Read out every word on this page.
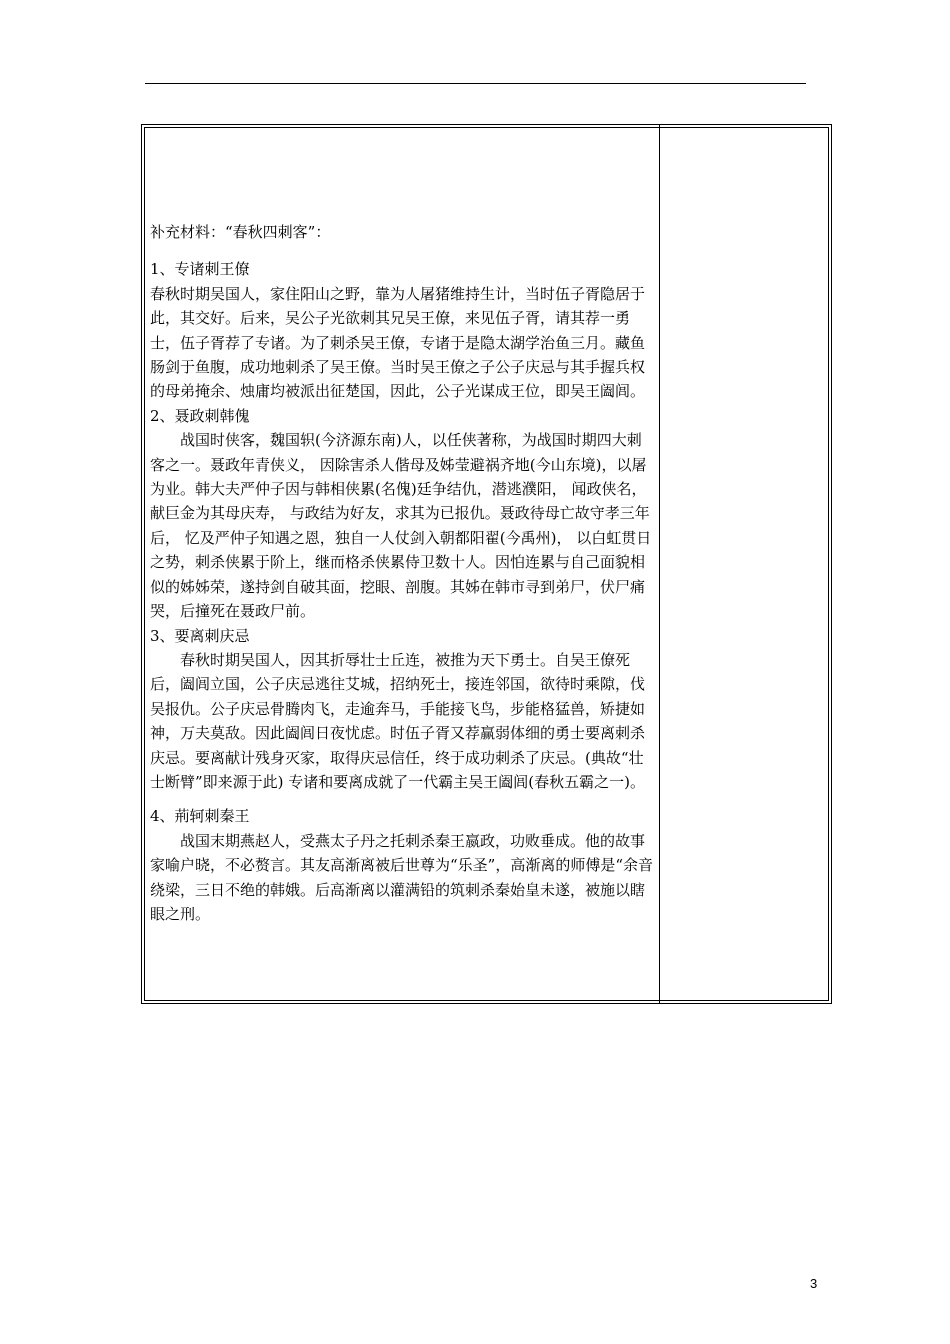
补充材料：“春秋四刺客”：

1、专诸刺王僚

春秋时期吴国人，家住阳山之野，靠为人屠猪维持生计，当时伍子胥隐居于此，其交好。后来，吴公子光欲刺其兄吴王僚，来见伍子胥，请其荐一勇士，伍子胥荐了专诸。为了刺杀吴王僚，专诸于是隐太湖学治鱼三月。藏鱼肠剑于鱼腹，成功地刺杀了吴王僚。当时吴王僚之子公子庆忌与其手握兵权的母弟掩余、烛庸均被派出征楚国，因此，公子光谋成王位，即吴王阖闾。

2、聂政刺韩傀

战国时侠客，魏国轵(今济源东南)人，以任侠著称，为战国时期四大刺客之一。聂政年青侠义， 因除害杀人偕母及姊莹避祸齐地(今山东境)，以屠为业。韩大夫严仲子因与韩相侠累(名傀)廷争结仇，潜逃濮阳， 闻政侠名，献巨金为其母庆寿， 与政结为好友，求其为已报仇。聂政待母亡故守孝三年后， 忆及严仲子知遇之恩，独自一人仗剑入朝都阳翟(今禹州)， 以白虹贯日之势，刺杀侠累于阶上，继而格杀侠累侍卫数十人。因怕连累与自己面貌相似的姊姊荣，遂持剑自破其面，挖眼、剖腹。其姊在韩市寻到弟尸，伏尸痛哭，后撞死在聂政尸前。

3、要离刺庆忌

春秋时期吴国人，因其折辱壮士丘连，被推为天下勇士。自吴王僚死后，阖闾立国，公子庆忌逃往艾城，招纳死士，接连邻国，欲待时乘隙，伐吴报仇。公子庆忌骨腾肉飞，走逾奔马，手能接飞鸟，步能格猛兽，矫捷如神，万夫莫敌。因此阖闾日夜忧虑。时伍子胥又荐赢弱体细的勇士要离刺杀庆忌。要离献计残身灭家，取得庆忌信任，终于成功刺杀了庆忌。(典故“壮士断臂”即来源于此) 专诸和要离成就了一代霸主吴王阖闾(春秋五霸之一)。

4、荊轲刺秦王

战国末期燕赵人，受燕太子丹之托刺杀秦王嬴政，功败垂成。他的故事家喻户晓，不必赘言。其友高渐离被后世尊为“乐圣”，高渐离的师傅是“余音绕梁，三日不绝的韩娥。后高渐离以灌满铅的筑刺杀秦始皇未遂，被施以瞎眼之刑。

3
